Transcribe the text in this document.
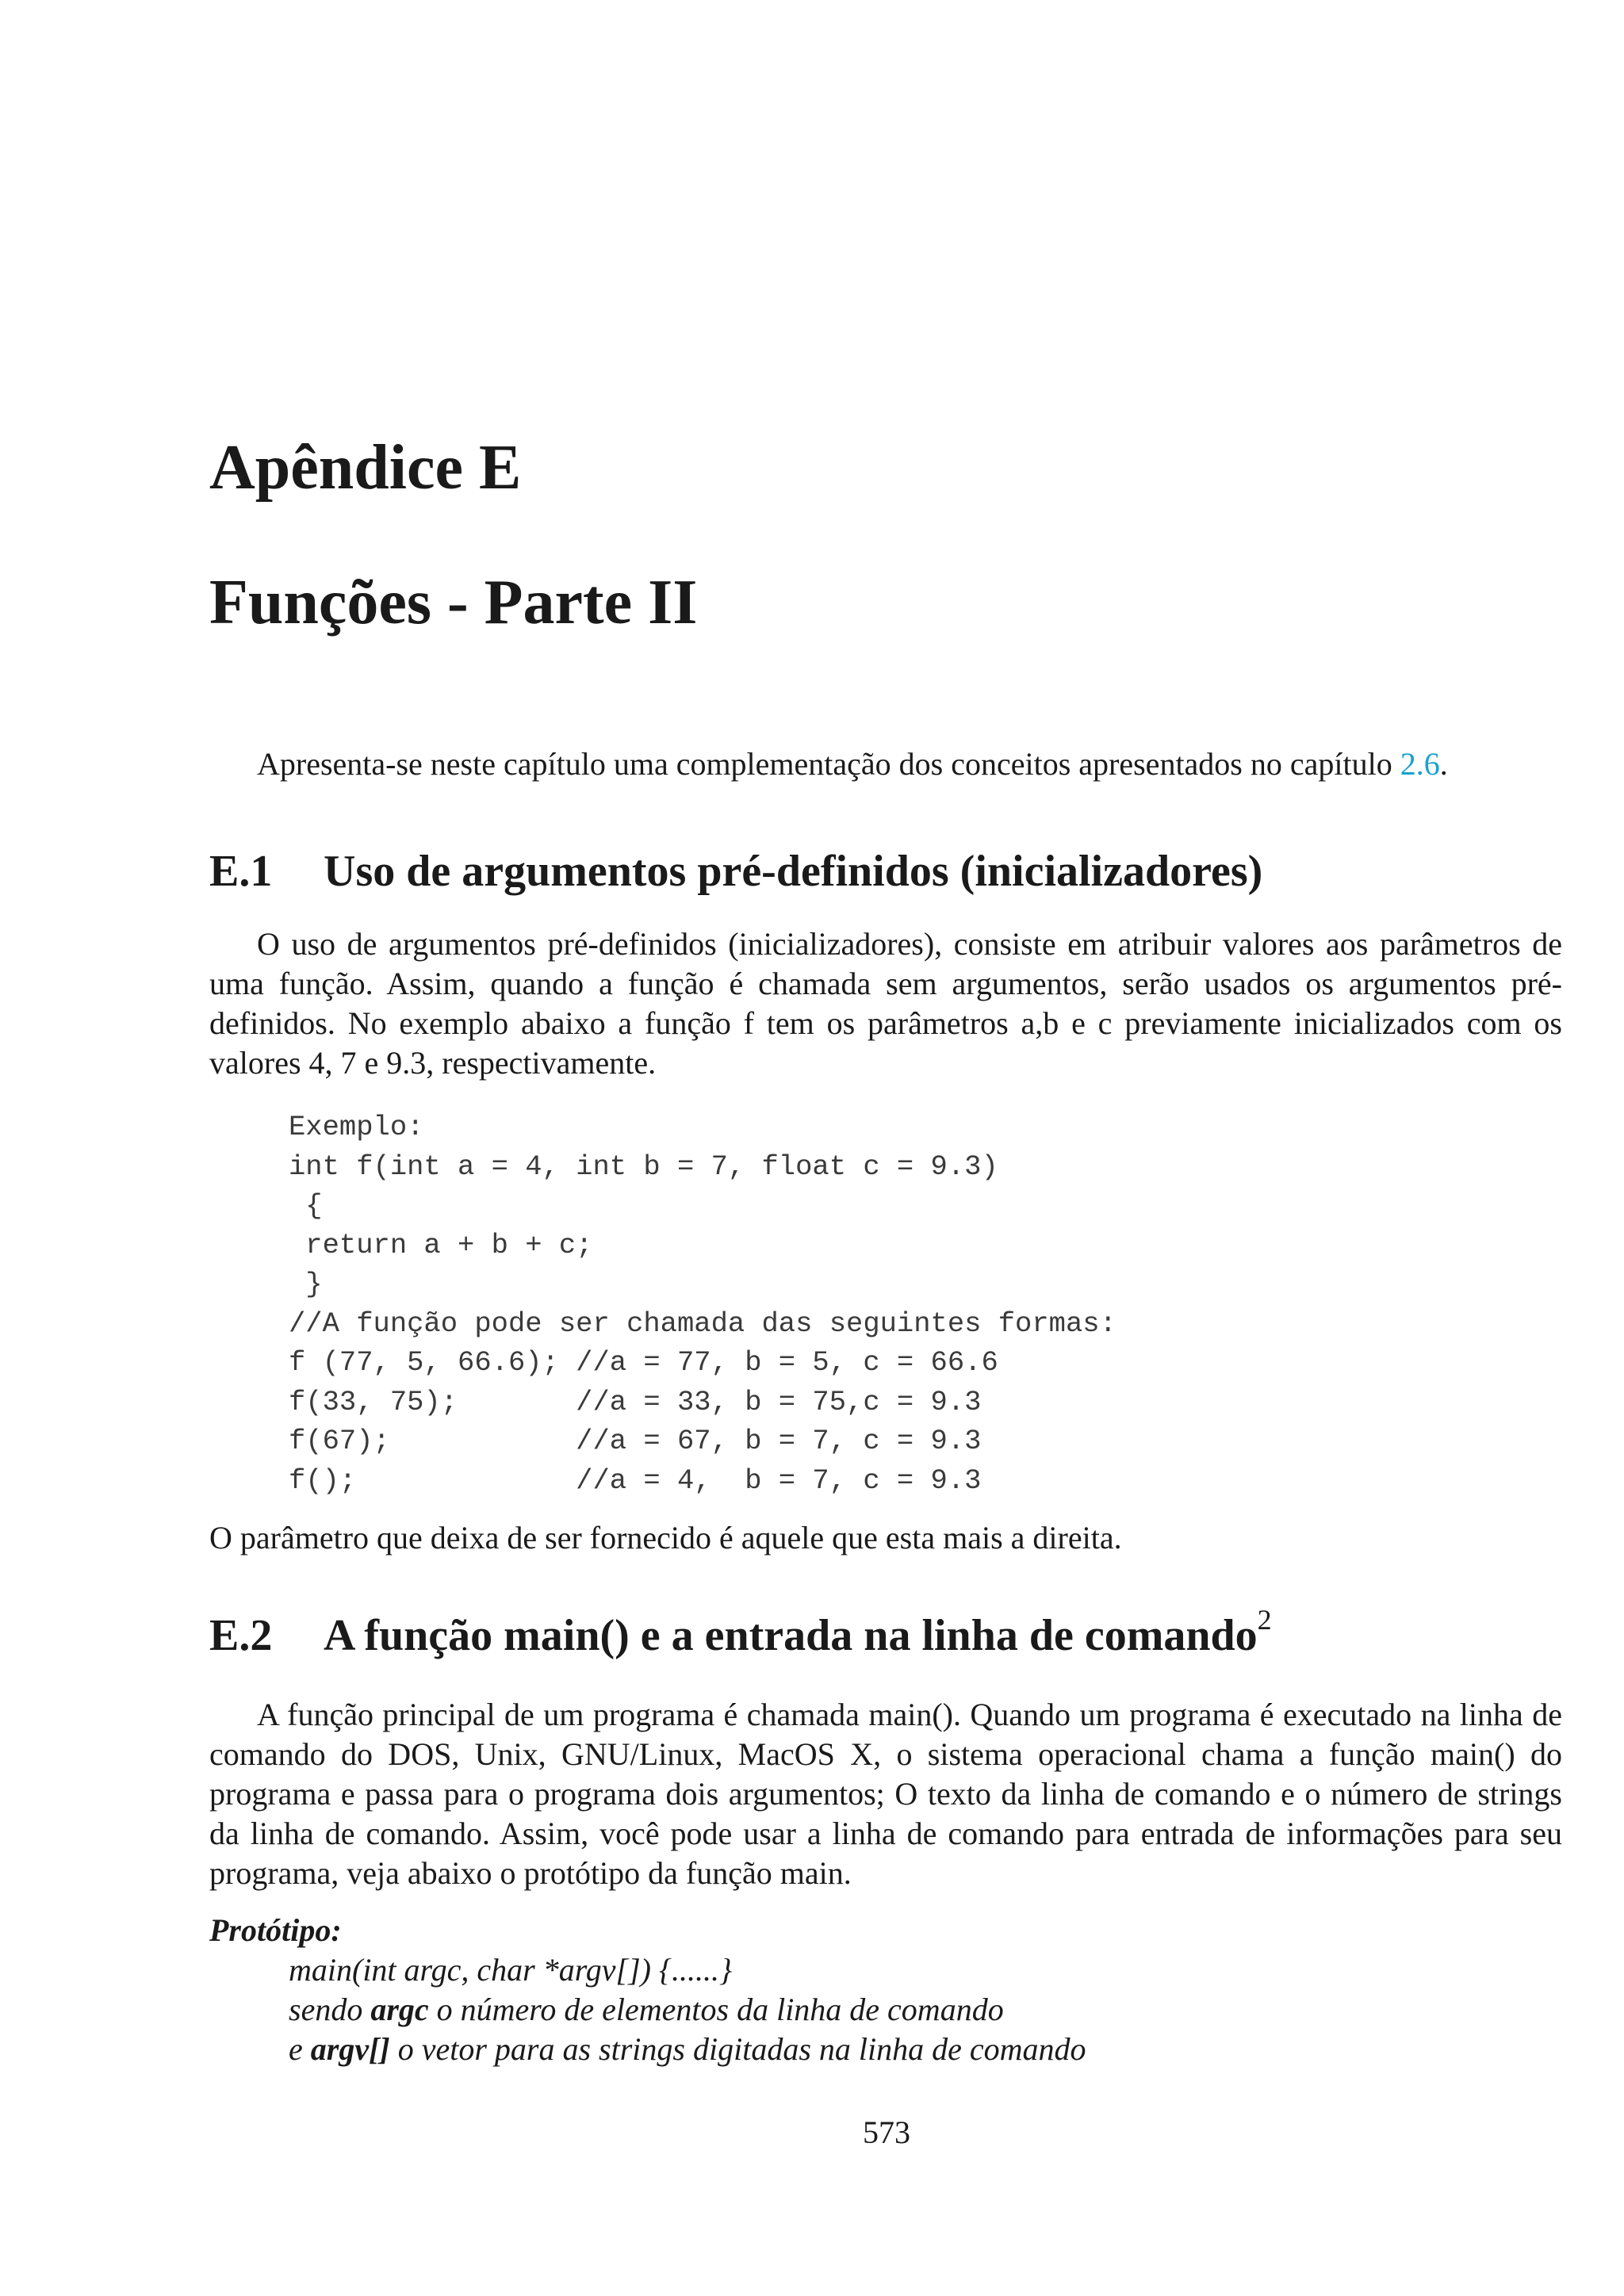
Apêndice E
Funções - Parte II
Apresenta-se neste capítulo uma complementação dos conceitos apresentados no capítulo 2.6.
E.1 Uso de argumentos pré-definidos (inicializadores)
O uso de argumentos pré-definidos (inicializadores), consiste em atribuir valores aos parâmetros de uma função. Assim, quando a função é chamada sem argumentos, serão usados os argumentos pré-definidos. No exemplo abaixo a função f tem os parâmetros a,b e c previamente inicializados com os valores 4, 7 e 9.3, respectivamente.
Exemplo:
int f(int a = 4, int b = 7, float c = 9.3)
{
return a + b + c;
}
//A função pode ser chamada das seguintes formas:
f (77, 5, 66.6); //a = 77, b = 5, c = 66.6
f(33, 75);       //a = 33, b = 75,c = 9.3
f(67);           //a = 67, b = 7, c = 9.3
f();             //a = 4,  b = 7, c = 9.3
O parâmetro que deixa de ser fornecido é aquele que esta mais a direita.
E.2 A função main() e a entrada na linha de comando$^2$
A função principal de um programa é chamada main(). Quando um programa é executado na linha de comando do DOS, Unix, GNU/Linux, MacOS X, o sistema operacional chama a função main() do programa e passa para o programa dois argumentos; O texto da linha de comando e o número de strings da linha de comando. Assim, você pode usar a linha de comando para entrada de informações para seu programa, veja abaixo o protótipo da função main.
Protótipo:
main(int argc, char *argv[]) {......}
sendo argc o número de elementos da linha de comando
e argv[] o vetor para as strings digitadas na linha de comando
573
